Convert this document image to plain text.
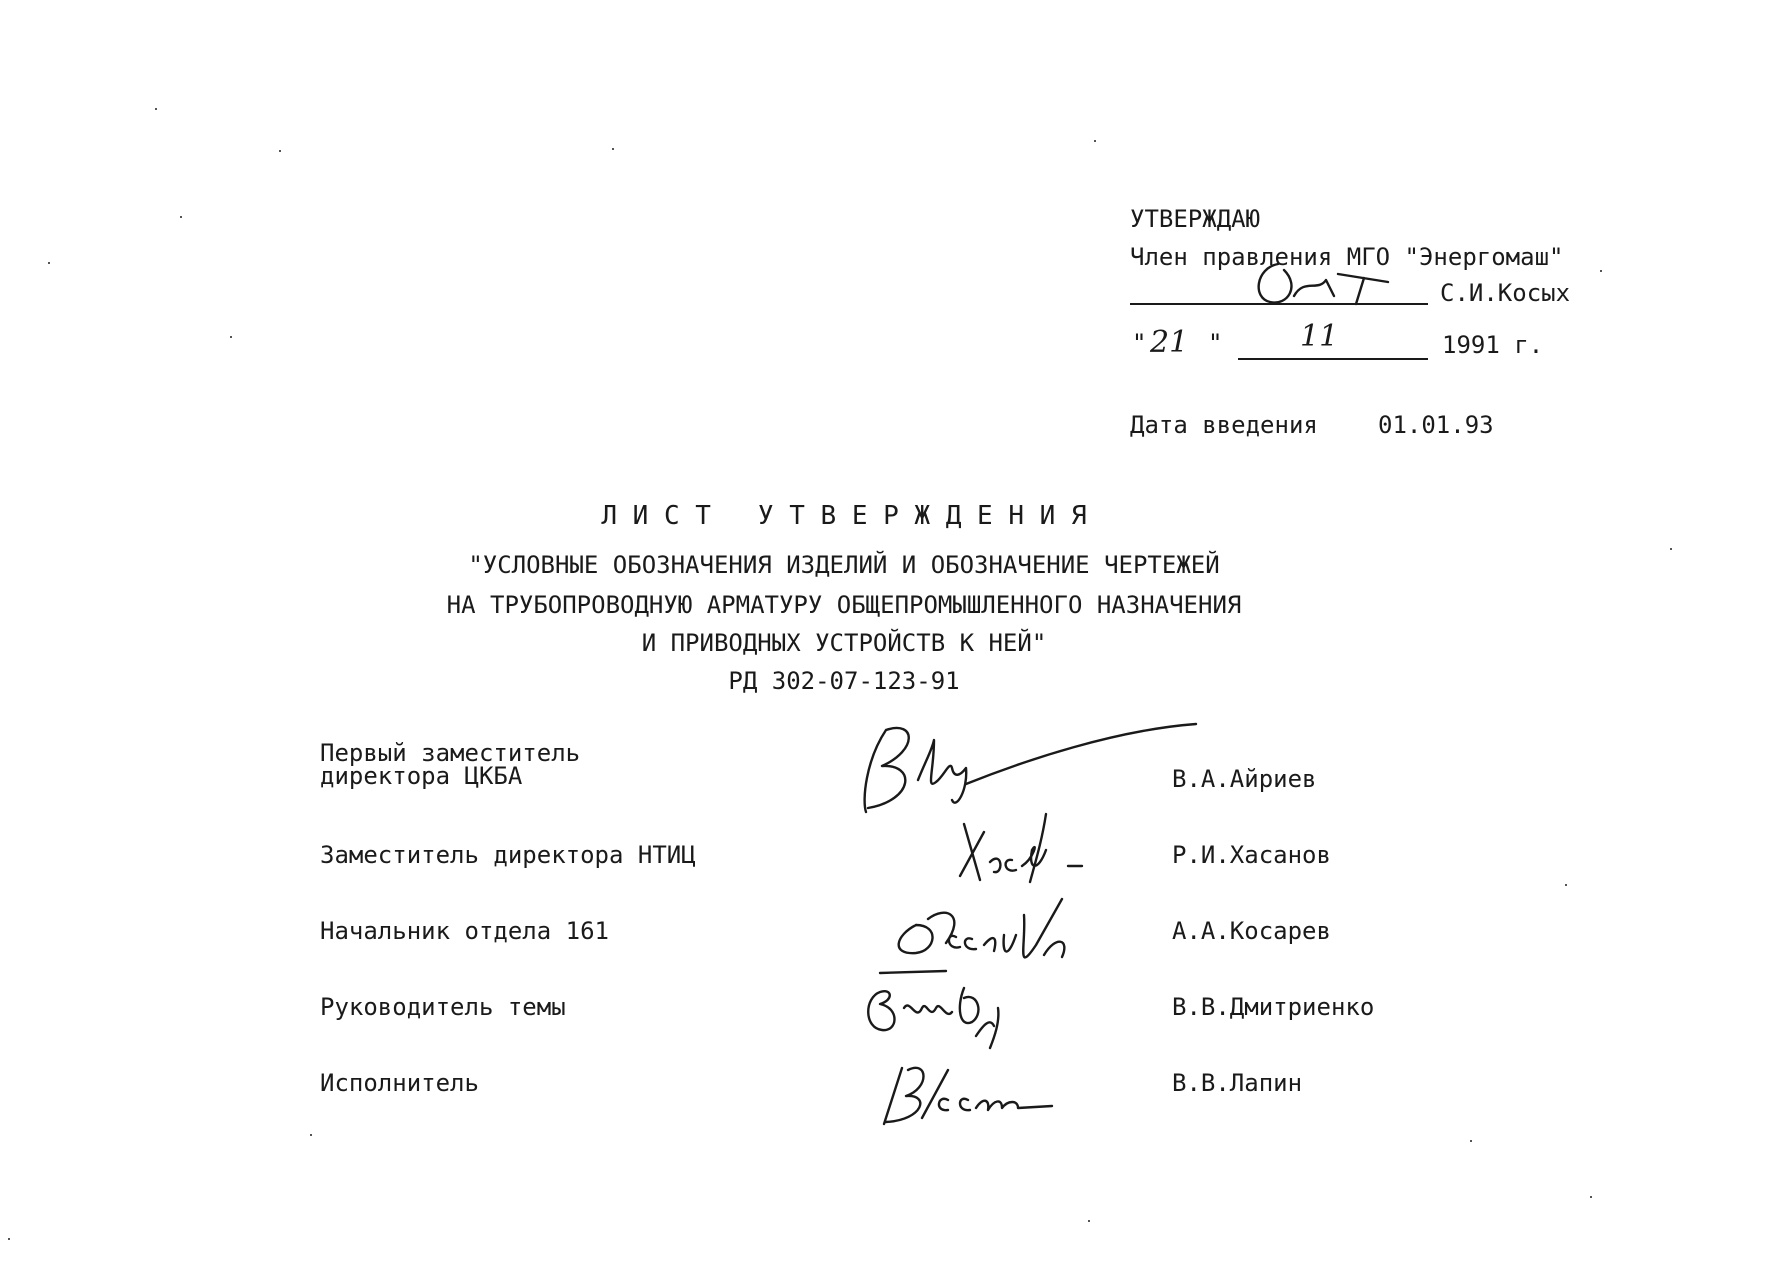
УТВЕРЖДАЮ
Член правления МГО "Энергомаш"
С.И.Косых
" 21 "	11	1991 г.
Дата введения	01.01.93
Л И С Т   У Т В Е Р Ж Д Е Н И Я
"УСЛОВНЫЕ ОБОЗНАЧЕНИЯ ИЗДЕЛИЙ И ОБОЗНАЧЕНИЕ ЧЕРТЕЖЕЙ
НА ТРУБОПРОВОДНУЮ АРМАТУРУ ОБЩЕПРОМЫШЛЕННОГО НАЗНАЧЕНИЯ
И ПРИВОДНЫХ УСТРОЙСТВ К НЕЙ"
РД 302-07-123-91
Первый заместитель
директора ЦКБА	В.А.Айриев
Заместитель директора НТИЦ	Р.И.Хасанов
Начальник отдела 161	А.А.Косарев
Руководитель темы	В.В.Дмитриенко
Исполнитель	В.В.Лапин
